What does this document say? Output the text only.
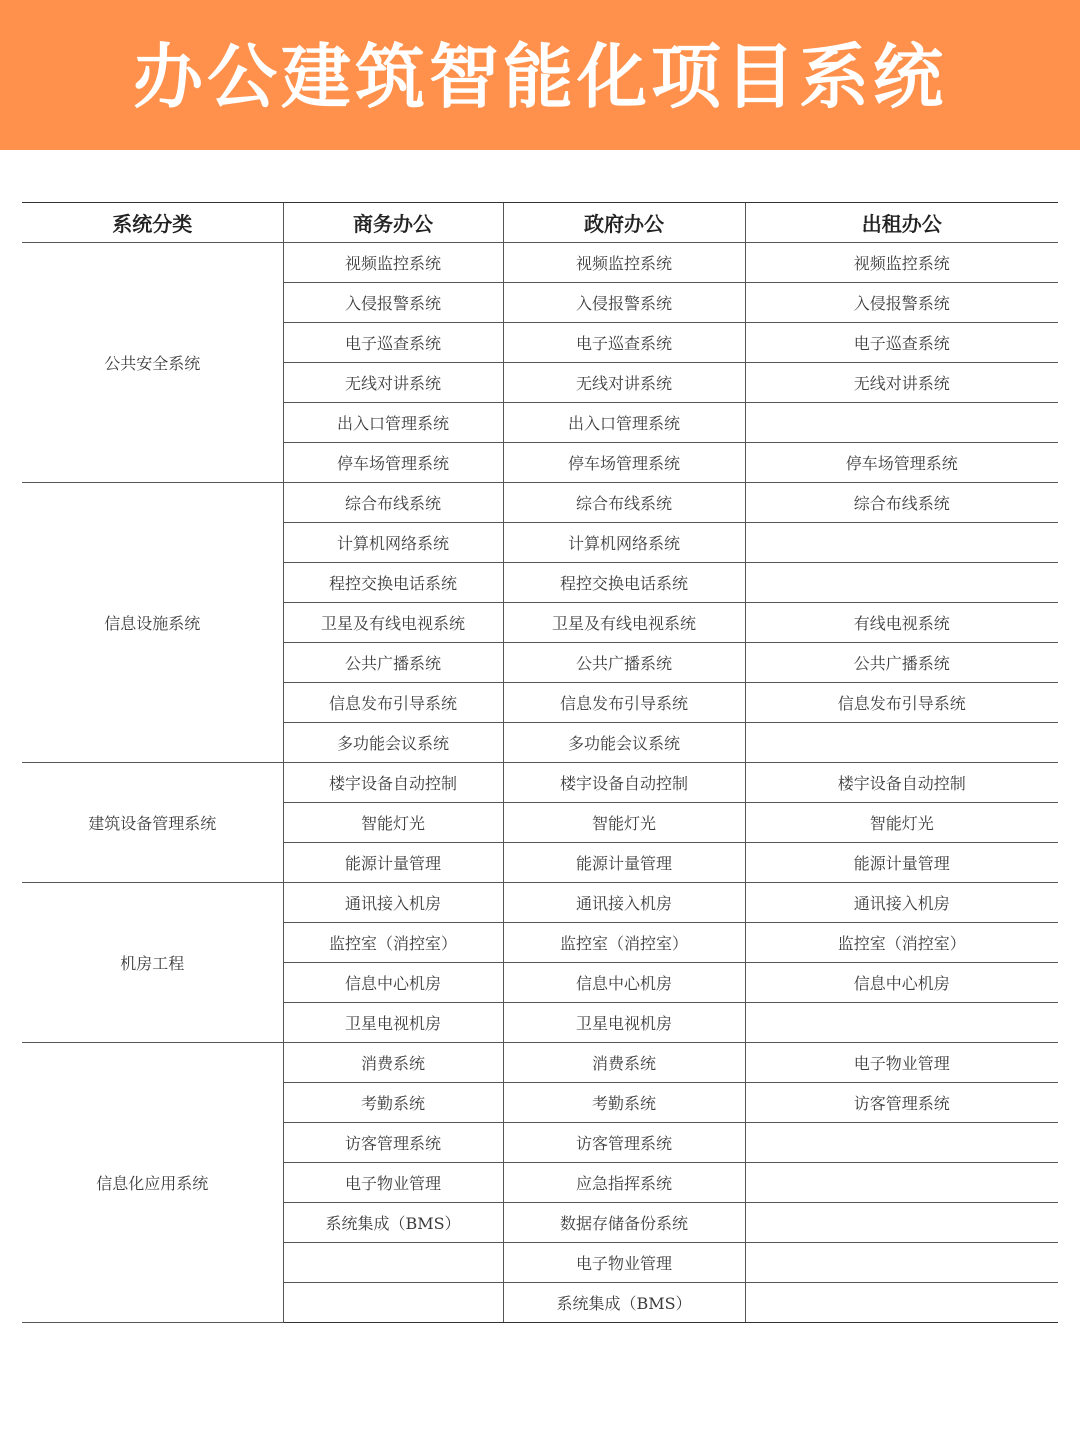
办公建筑智能化项目系统
系统分类	商务办公	政府办公	出租办公
公共安全系统	视频监控系统	视频监控系统	视频监控系统
	入侵报警系统	入侵报警系统	入侵报警系统
	电子巡查系统	电子巡查系统	电子巡查系统
	无线对讲系统	无线对讲系统	无线对讲系统
	出入口管理系统	出入口管理系统	
	停车场管理系统	停车场管理系统	停车场管理系统
信息设施系统	综合布线系统	综合布线系统	综合布线系统
	计算机网络系统	计算机网络系统	
	程控交换电话系统	程控交换电话系统	
	卫星及有线电视系统	卫星及有线电视系统	有线电视系统
	公共广播系统	公共广播系统	公共广播系统
	信息发布引导系统	信息发布引导系统	信息发布引导系统
	多功能会议系统	多功能会议系统	
建筑设备管理系统	楼宇设备自动控制	楼宇设备自动控制	楼宇设备自动控制
	智能灯光	智能灯光	智能灯光
	能源计量管理	能源计量管理	能源计量管理
机房工程	通讯接入机房	通讯接入机房	通讯接入机房
	监控室（消控室）	监控室（消控室）	监控室（消控室）
	信息中心机房	信息中心机房	信息中心机房
	卫星电视机房	卫星电视机房	
信息化应用系统	消费系统	消费系统	电子物业管理
	考勤系统	考勤系统	访客管理系统
	访客管理系统	访客管理系统	
	电子物业管理	应急指挥系统	
	系统集成（BMS）	数据存储备份系统	
		电子物业管理	
		系统集成（BMS）	
